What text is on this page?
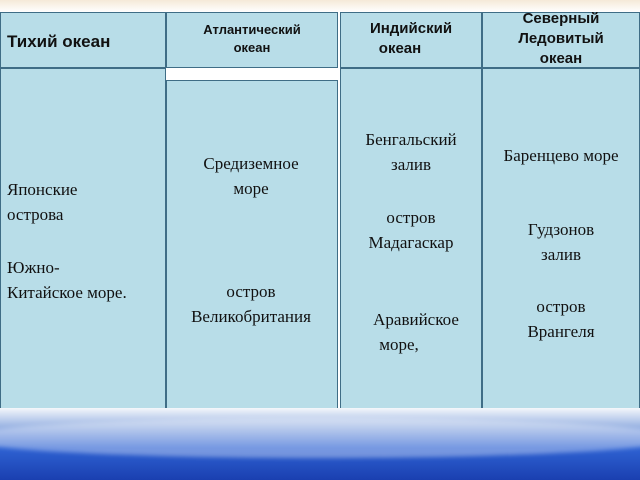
Тихий океан
Атлантический
океан
Индийский
океан
Северный
Ледовитый
океан
Японские
острова
Южно-
Китайское море.
Средиземное
море
остров
Великобритания
Бенгальский
залив
остров
Мадагаскар
Аравийское
море,
Баренцево море
Гудзонов
залив
остров
Врангеля
